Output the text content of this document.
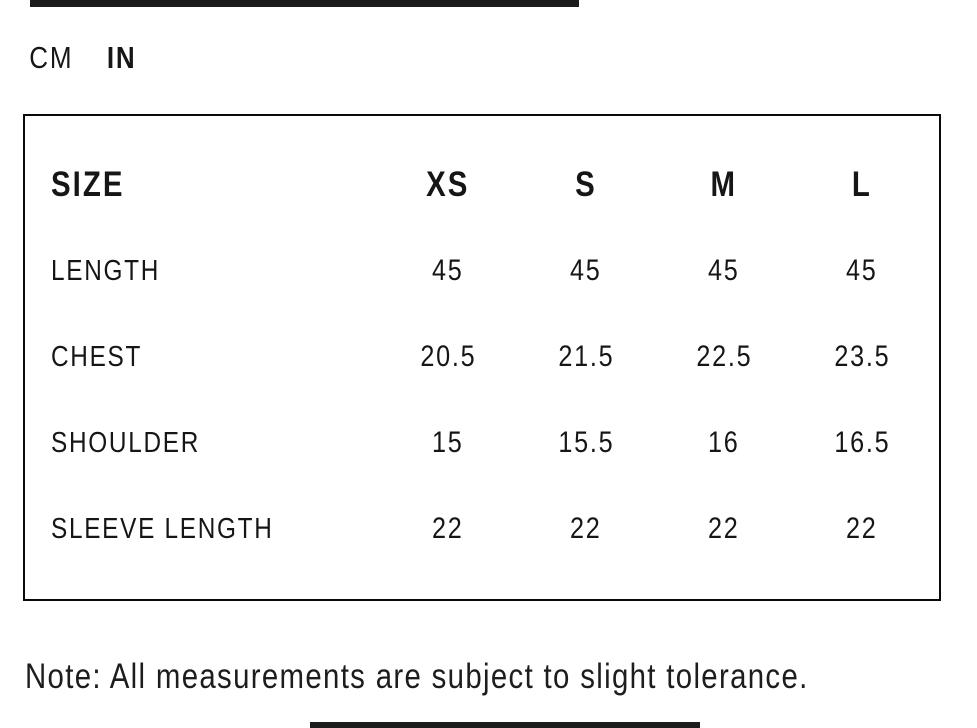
CM IN
SIZE	XS	S	M	L
LENGTH	45	45	45	45
CHEST	20.5	21.5	22.5	23.5
SHOULDER	15	15.5	16	16.5
SLEEVE LENGTH	22	22	22	22
Note: All measurements are subject to slight tolerance.
